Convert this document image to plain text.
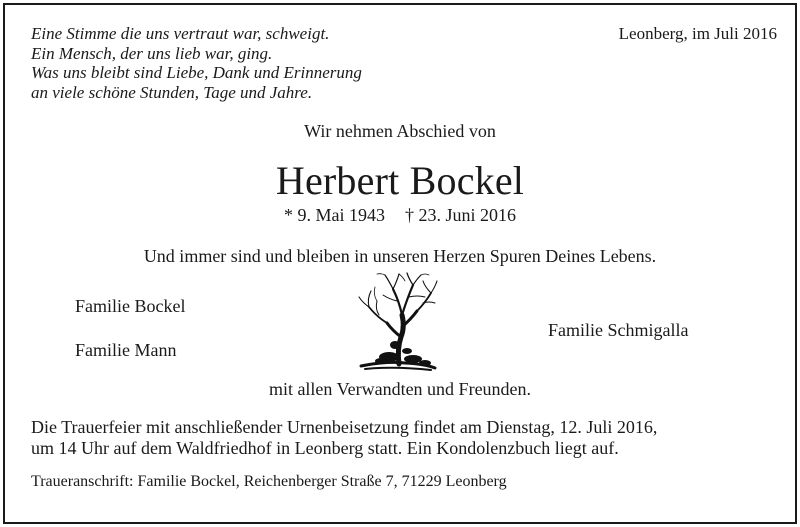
Eine Stimme die uns vertraut war, schweigt.
Ein Mensch, der uns lieb war, ging.
Was uns bleibt sind Liebe, Dank und Erinnerung
an viele schöne Stunden, Tage und Jahre.
Leonberg, im Juli 2016
Wir nehmen Abschied von
Herbert Bockel
* 9. Mai 1943 † 23. Juni 2016
Und immer sind und bleiben in unseren Herzen Spuren Deines Lebens.
Familie Bockel
Familie Mann
Familie Schmigalla
mit allen Verwandten und Freunden.
Die Trauerfeier mit anschließender Urnenbeisetzung findet am Dienstag, 12. Juli 2016,
um 14 Uhr auf dem Waldfriedhof in Leonberg statt. Ein Kondolenzbuch liegt auf.
Traueranschrift: Familie Bockel, Reichenberger Straße 7, 71229 Leonberg
